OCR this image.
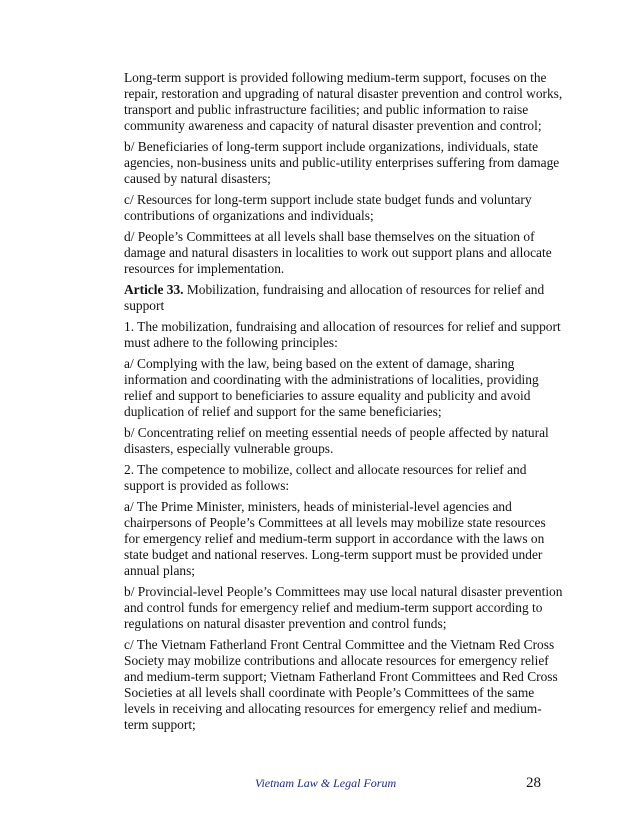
Long-term support is provided following medium-term support, focuses on the repair, restoration and upgrading of natural disaster prevention and control works, transport and public infrastructure facilities; and public information to raise community awareness and capacity of natural disaster prevention and control;

b/ Beneficiaries of long-term support include organizations, individuals, state agencies, non-business units and public-utility enterprises suffering from damage caused by natural disasters;

c/ Resources for long-term support include state budget funds and voluntary contributions of organizations and individuals;

d/ People’s Committees at all levels shall base themselves on the situation of damage and natural disasters in localities to work out support plans and allocate resources for implementation.

Article 33. Mobilization, fundraising and allocation of resources for relief and support

1. The mobilization, fundraising and allocation of resources for relief and support must adhere to the following principles:

a/ Complying with the law, being based on the extent of damage, sharing information and coordinating with the administrations of localities, providing relief and support to beneficiaries to assure equality and publicity and avoid duplication of relief and support for the same beneficiaries;

b/ Concentrating relief on meeting essential needs of people affected by natural disasters, especially vulnerable groups.

2. The competence to mobilize, collect and allocate resources for relief and support is provided as follows:

a/ The Prime Minister, ministers, heads of ministerial-level agencies and chairpersons of People’s Committees at all levels may mobilize state resources for emergency relief and medium-term support in accordance with the laws on state budget and national reserves. Long-term support must be provided under annual plans;

b/ Provincial-level People’s Committees may use local natural disaster prevention and control funds for emergency relief and medium-term support according to regulations on natural disaster prevention and control funds;

c/ The Vietnam Fatherland Front Central Committee and the Vietnam Red Cross Society may mobilize contributions and allocate resources for emergency relief and medium-term support; Vietnam Fatherland Front Committees and Red Cross Societies at all levels shall coordinate with People’s Committees of the same levels in receiving and allocating resources for emergency relief and medium-term support;

Vietnam Law & Legal Forum	28
